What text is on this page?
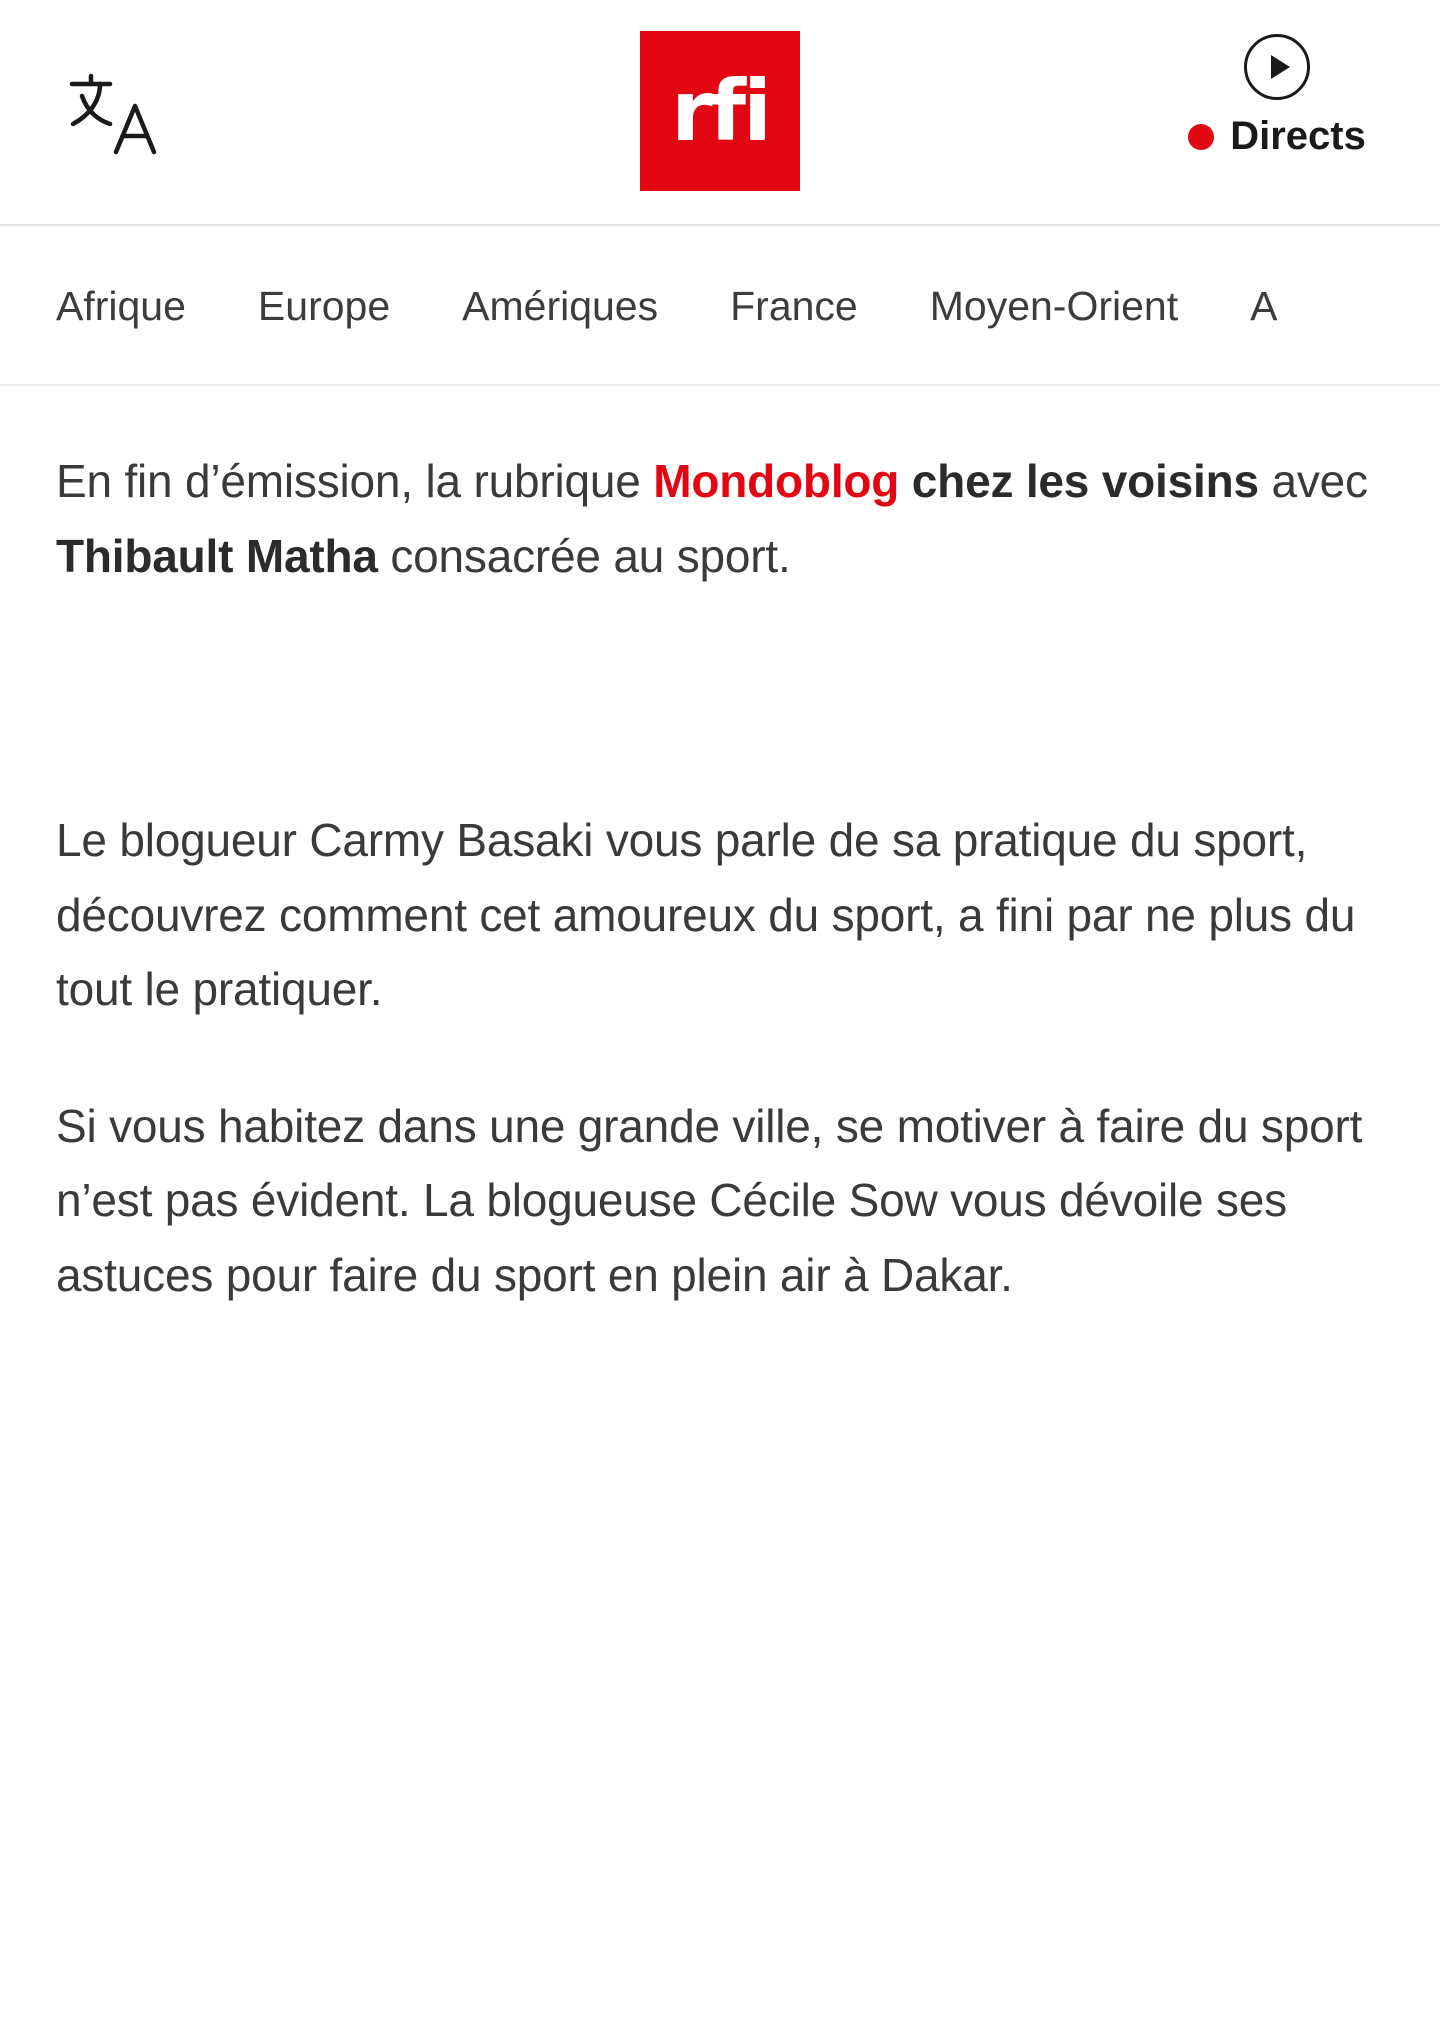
rfi	Directs
Afrique Europe Amériques France Moyen-Orient A

En fin d’émission, la rubrique Mondoblog chez les voisins avec Thibault Matha consacrée au sport.

Le blogueur Carmy Basaki vous parle de sa pratique du sport, découvrez comment cet amoureux du sport, a fini par ne plus du tout le pratiquer.

Si vous habitez dans une grande ville, se motiver à faire du sport n’est pas évident. La blogueuse Cécile Sow vous dévoile ses astuces pour faire du sport en plein air à Dakar.
